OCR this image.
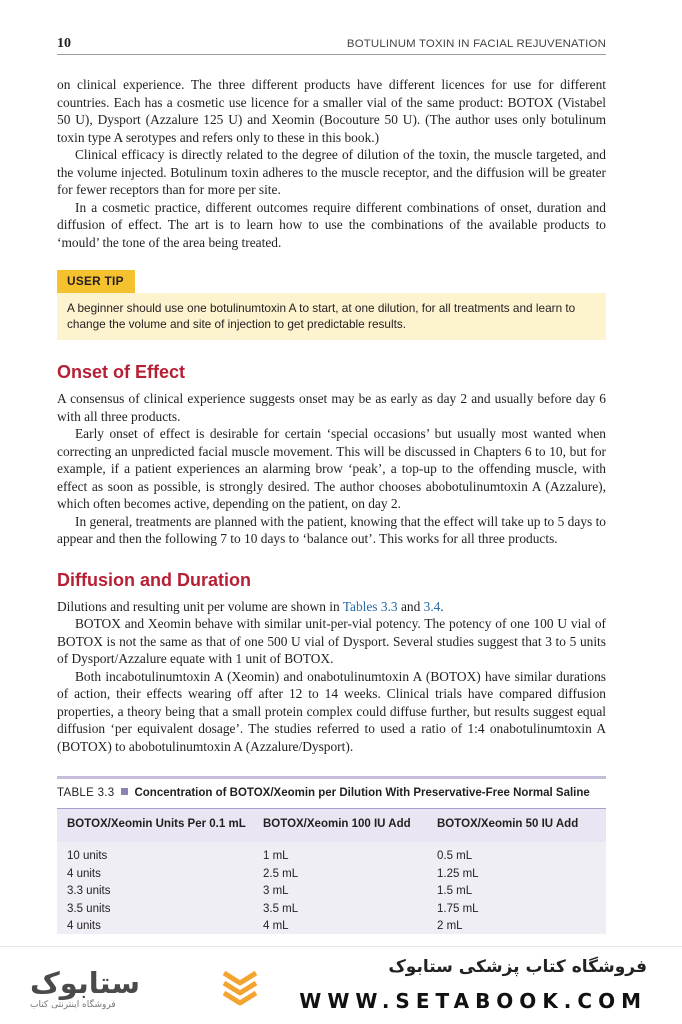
10	BOTULINUM TOXIN IN FACIAL REJUVENATION

on clinical experience. The three different products have different licences for use for different countries. Each has a cosmetic use licence for a smaller vial of the same product: BOTOX (Vistabel 50 U), Dysport (Azzalure 125 U) and Xeomin (Bocouture 50 U). (The author uses only botulinum toxin type A serotypes and refers only to these in this book.)

Clinical efficacy is directly related to the degree of dilution of the toxin, the muscle targeted, and the volume injected. Botulinum toxin adheres to the muscle receptor, and the diffusion will be greater for fewer receptors than for more per site.

In a cosmetic practice, different outcomes require different combinations of onset, duration and diffusion of effect. The art is to learn how to use the combinations of the available products to ‘mould’ the tone of the area being treated.

USER TIP
A beginner should use one botulinumtoxin A to start, at one dilution, for all treatments and learn to change the volume and site of injection to get predictable results.
Onset of Effect

A consensus of clinical experience suggests onset may be as early as day 2 and usually before day 6 with all three products.

Early onset of effect is desirable for certain ‘special occasions’ but usually most wanted when correcting an unpredicted facial muscle movement. This will be discussed in Chapters 6 to 10, but for example, if a patient experiences an alarming brow ‘peak’, a top-up to the offending muscle, with effect as soon as possible, is strongly desired. The author chooses abobotulinumtoxin A (Azzalure), which often becomes active, depending on the patient, on day 2.

In general, treatments are planned with the patient, knowing that the effect will take up to 5 days to appear and then the following 7 to 10 days to ‘balance out’. This works for all three products.

Diffusion and Duration

Dilutions and resulting unit per volume are shown in Tables 3.3 and 3.4.

BOTOX and Xeomin behave with similar unit-per-vial potency. The potency of one 100 U vial of BOTOX is not the same as that of one 500 U vial of Dysport. Several studies suggest that 3 to 5 units of Dysport/Azzalure equate with 1 unit of BOTOX.

Both incabotulinumtoxin A (Xeomin) and onabotulinumtoxin A (BOTOX) have similar durations of action, their effects wearing off after 12 to 14 weeks. Clinical trials have compared diffusion properties, a theory being that a small protein complex could diffuse further, but results suggest equal diffusion ‘per equivalent dosage’. The studies referred to used a ratio of 1:4 onabotulinumtoxin A (BOTOX) to abobotulinumtoxin A (Azzalure/Dysport).

TABLE 3.3 Concentration of BOTOX/Xeomin per Dilution With Preservative-Free Normal Saline
BOTOX/Xeomin Units Per 0.1 mL	BOTOX/Xeomin 100 IU Add	BOTOX/Xeomin 50 IU Add
10 units	1 mL	0.5 mL
4 units	2.5 mL	1.25 mL
3.3 units	3 mL	1.5 mL
3.5 units	3.5 mL	1.75 mL
4 units	4 mL	2 mL
ستابوک
فروشگاه اینترنتی کتاب
فروشگاه کتاب پزشکی ستابوک
WWW.SETABOOK.COM
